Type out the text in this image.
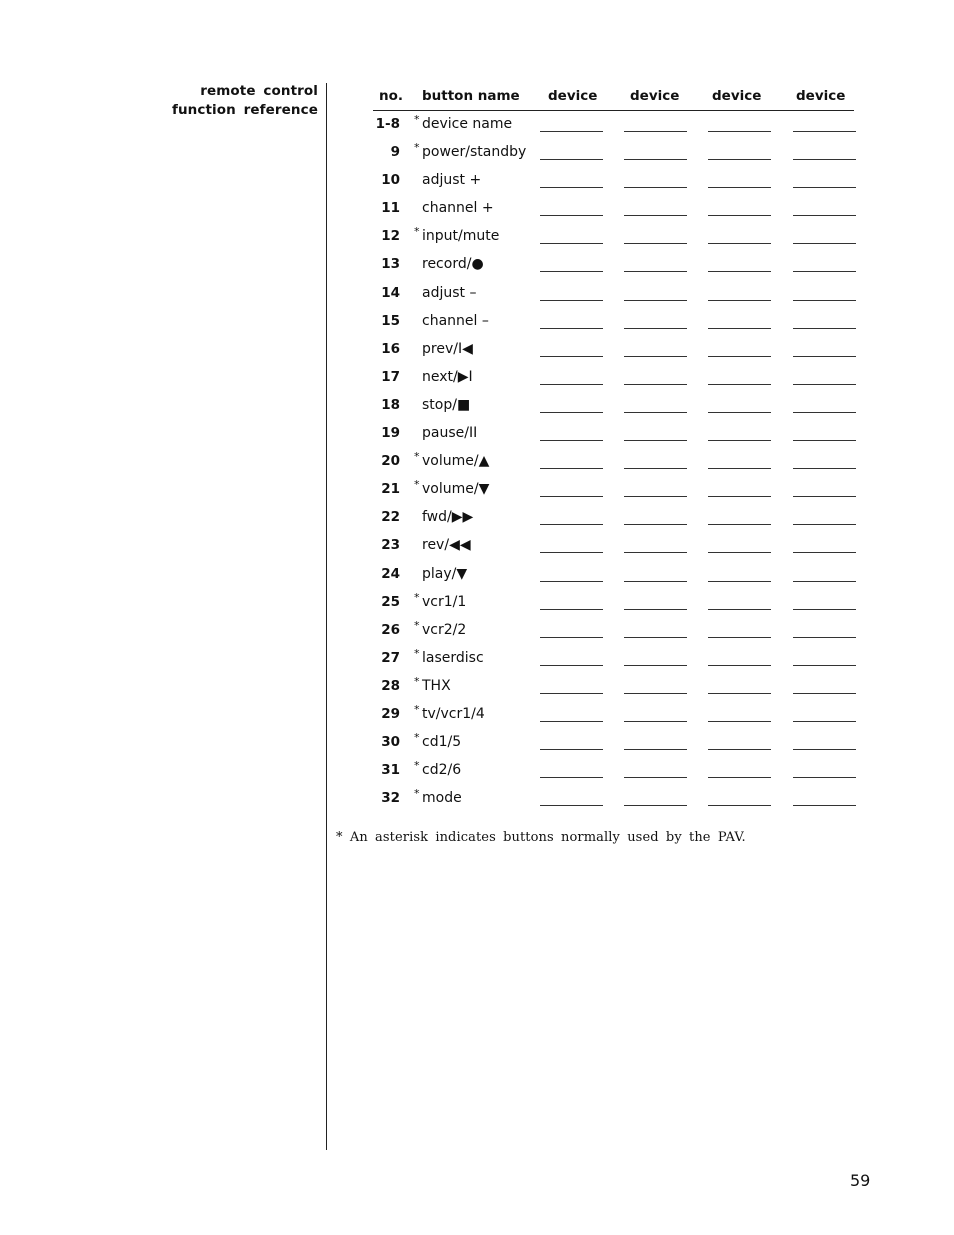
remote control
function reference
no. button name device device device	device
1-8 * device name
9 * power/standby
10 adjust +
11 channel +
12 * input/mute
13 record/●
14 adjust –
15 channel –
16 prev/I◀
17 next/▶I
18 stop/■
19 pause/II
20 * volume/▲
21 * volume/▼
22 fwd/▶▶
23 rev/◀◀
24 play/▼
25 * vcr1/1
26 * vcr2/2
27 * laserdisc
28 * THX
29 * tv/vcr1/4
30 * cd1/5
31 * cd2/6
32 * mode
* An asterisk indicates buttons normally used by the PAV.
59
